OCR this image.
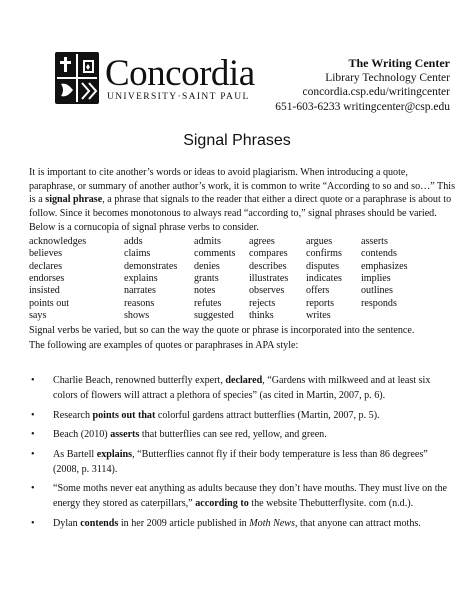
Concordia
UNIVERSITY·SAINT PAUL
The Writing Center
Library Technology Center
concordia.csp.edu/writingcenter
651-603-6233 writingcenter@csp.edu
Signal Phrases
It is important to cite another’s words or ideas to avoid plagiarism. When introducing a quote, paraphrase, or summary of another author’s work, it is common to write “According to so and so…” This is a signal phrase, a phrase that signals to the reader that either a direct quote or a paraphrase is about to follow. Since it becomes monotonous to always read “according to,” signal phrases should be varied. Below is a cornucopia of signal phrase verbs to consider.
acknowledges
believes
declares
endorses
insisted
points out
says
adds
claims
demonstrates
explains
narrates
reasons
shows
admits
comments
denies
grants
notes
refutes
suggested
agrees
compares
describes
illustrates
observes
rejects
thinks
argues
confirms
disputes
indicates
offers
reports
writes
asserts
contends
emphasizes
implies
outlines
responds
Signal verbs be varied, but so can the way the quote or phrase is incorporated into the sentence.
The following are examples of quotes or paraphrases in APA style:
• Charlie Beach, renowned butterfly expert, declared, “Gardens with milkweed and at least six colors of flowers will attract a plethora of species” (as cited in Martin, 2007, p. 6).
• Research points out that colorful gardens attract butterflies (Martin, 2007, p. 5).
• Beach (2010) asserts that butterflies can see red, yellow, and green.
• As Bartell explains, “Butterflies cannot fly if their body temperature is less than 86 degrees” (2008, p. 3114).
• “Some moths never eat anything as adults because they don’t have mouths. They must live on the energy they stored as caterpillars,” according to the website Thebutterflysite. com (n.d.).
• Dylan contends in her 2009 article published in Moth News, that anyone can attract moths.
